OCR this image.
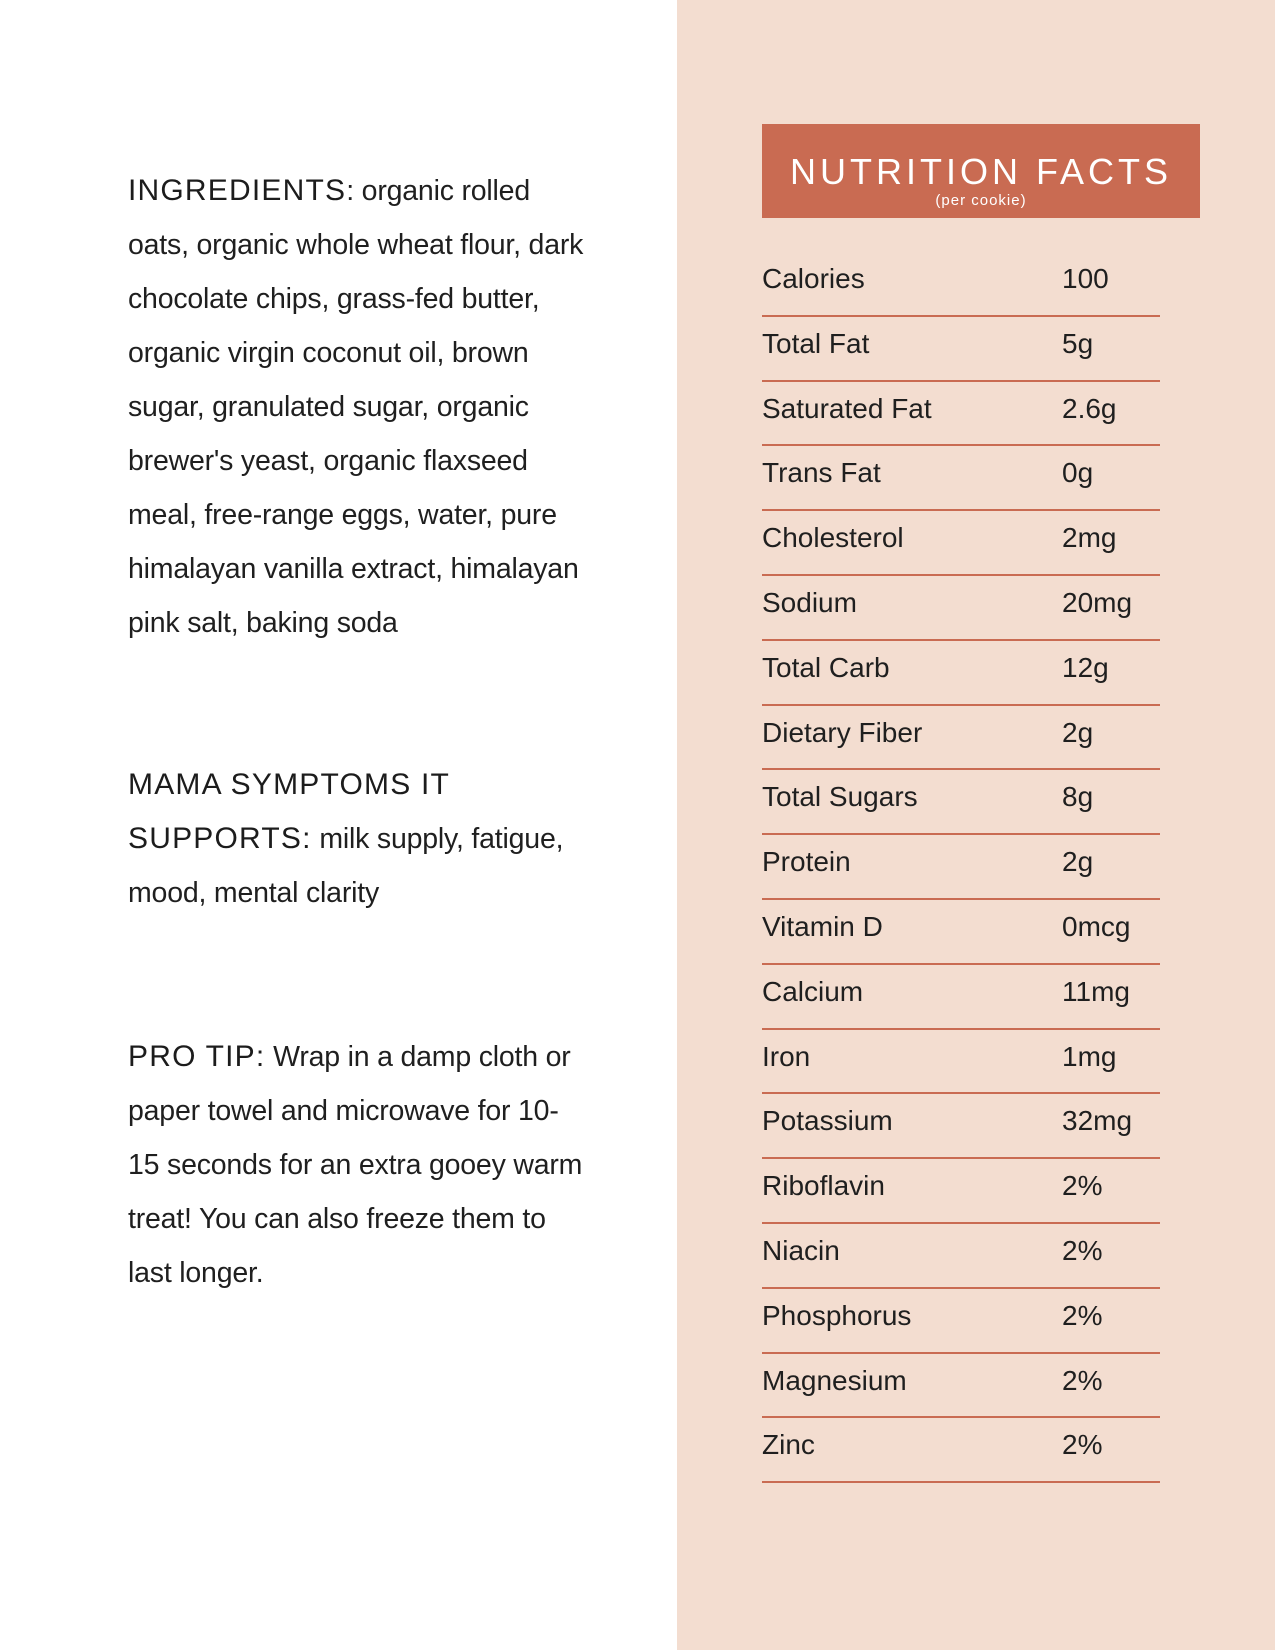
INGREDIENTS: organic rolled oats, organic whole wheat flour, dark chocolate chips, grass-fed butter, organic virgin coconut oil, brown sugar, granulated sugar, organic brewer's yeast, organic flaxseed meal, free-range eggs, water, pure himalayan vanilla extract, himalayan pink salt, baking soda
MAMA SYMPTOMS IT SUPPORTS: milk supply, fatigue, mood, mental clarity
PRO TIP: Wrap in a damp cloth or paper towel and microwave for 10-15 seconds for an extra gooey warm treat! You can also freeze them to last longer.
NUTRITION FACTS
(per cookie)
Calories	100
Total Fat	5g
Saturated Fat	2.6g
Trans Fat	0g
Cholesterol	2mg
Sodium	20mg
Total Carb	12g
Dietary Fiber	2g
Total Sugars	8g
Protein	2g
Vitamin D	0mcg
Calcium	11mg
Iron	1mg
Potassium	32mg
Riboflavin	2%
Niacin	2%
Phosphorus	2%
Magnesium	2%
Zinc	2%
